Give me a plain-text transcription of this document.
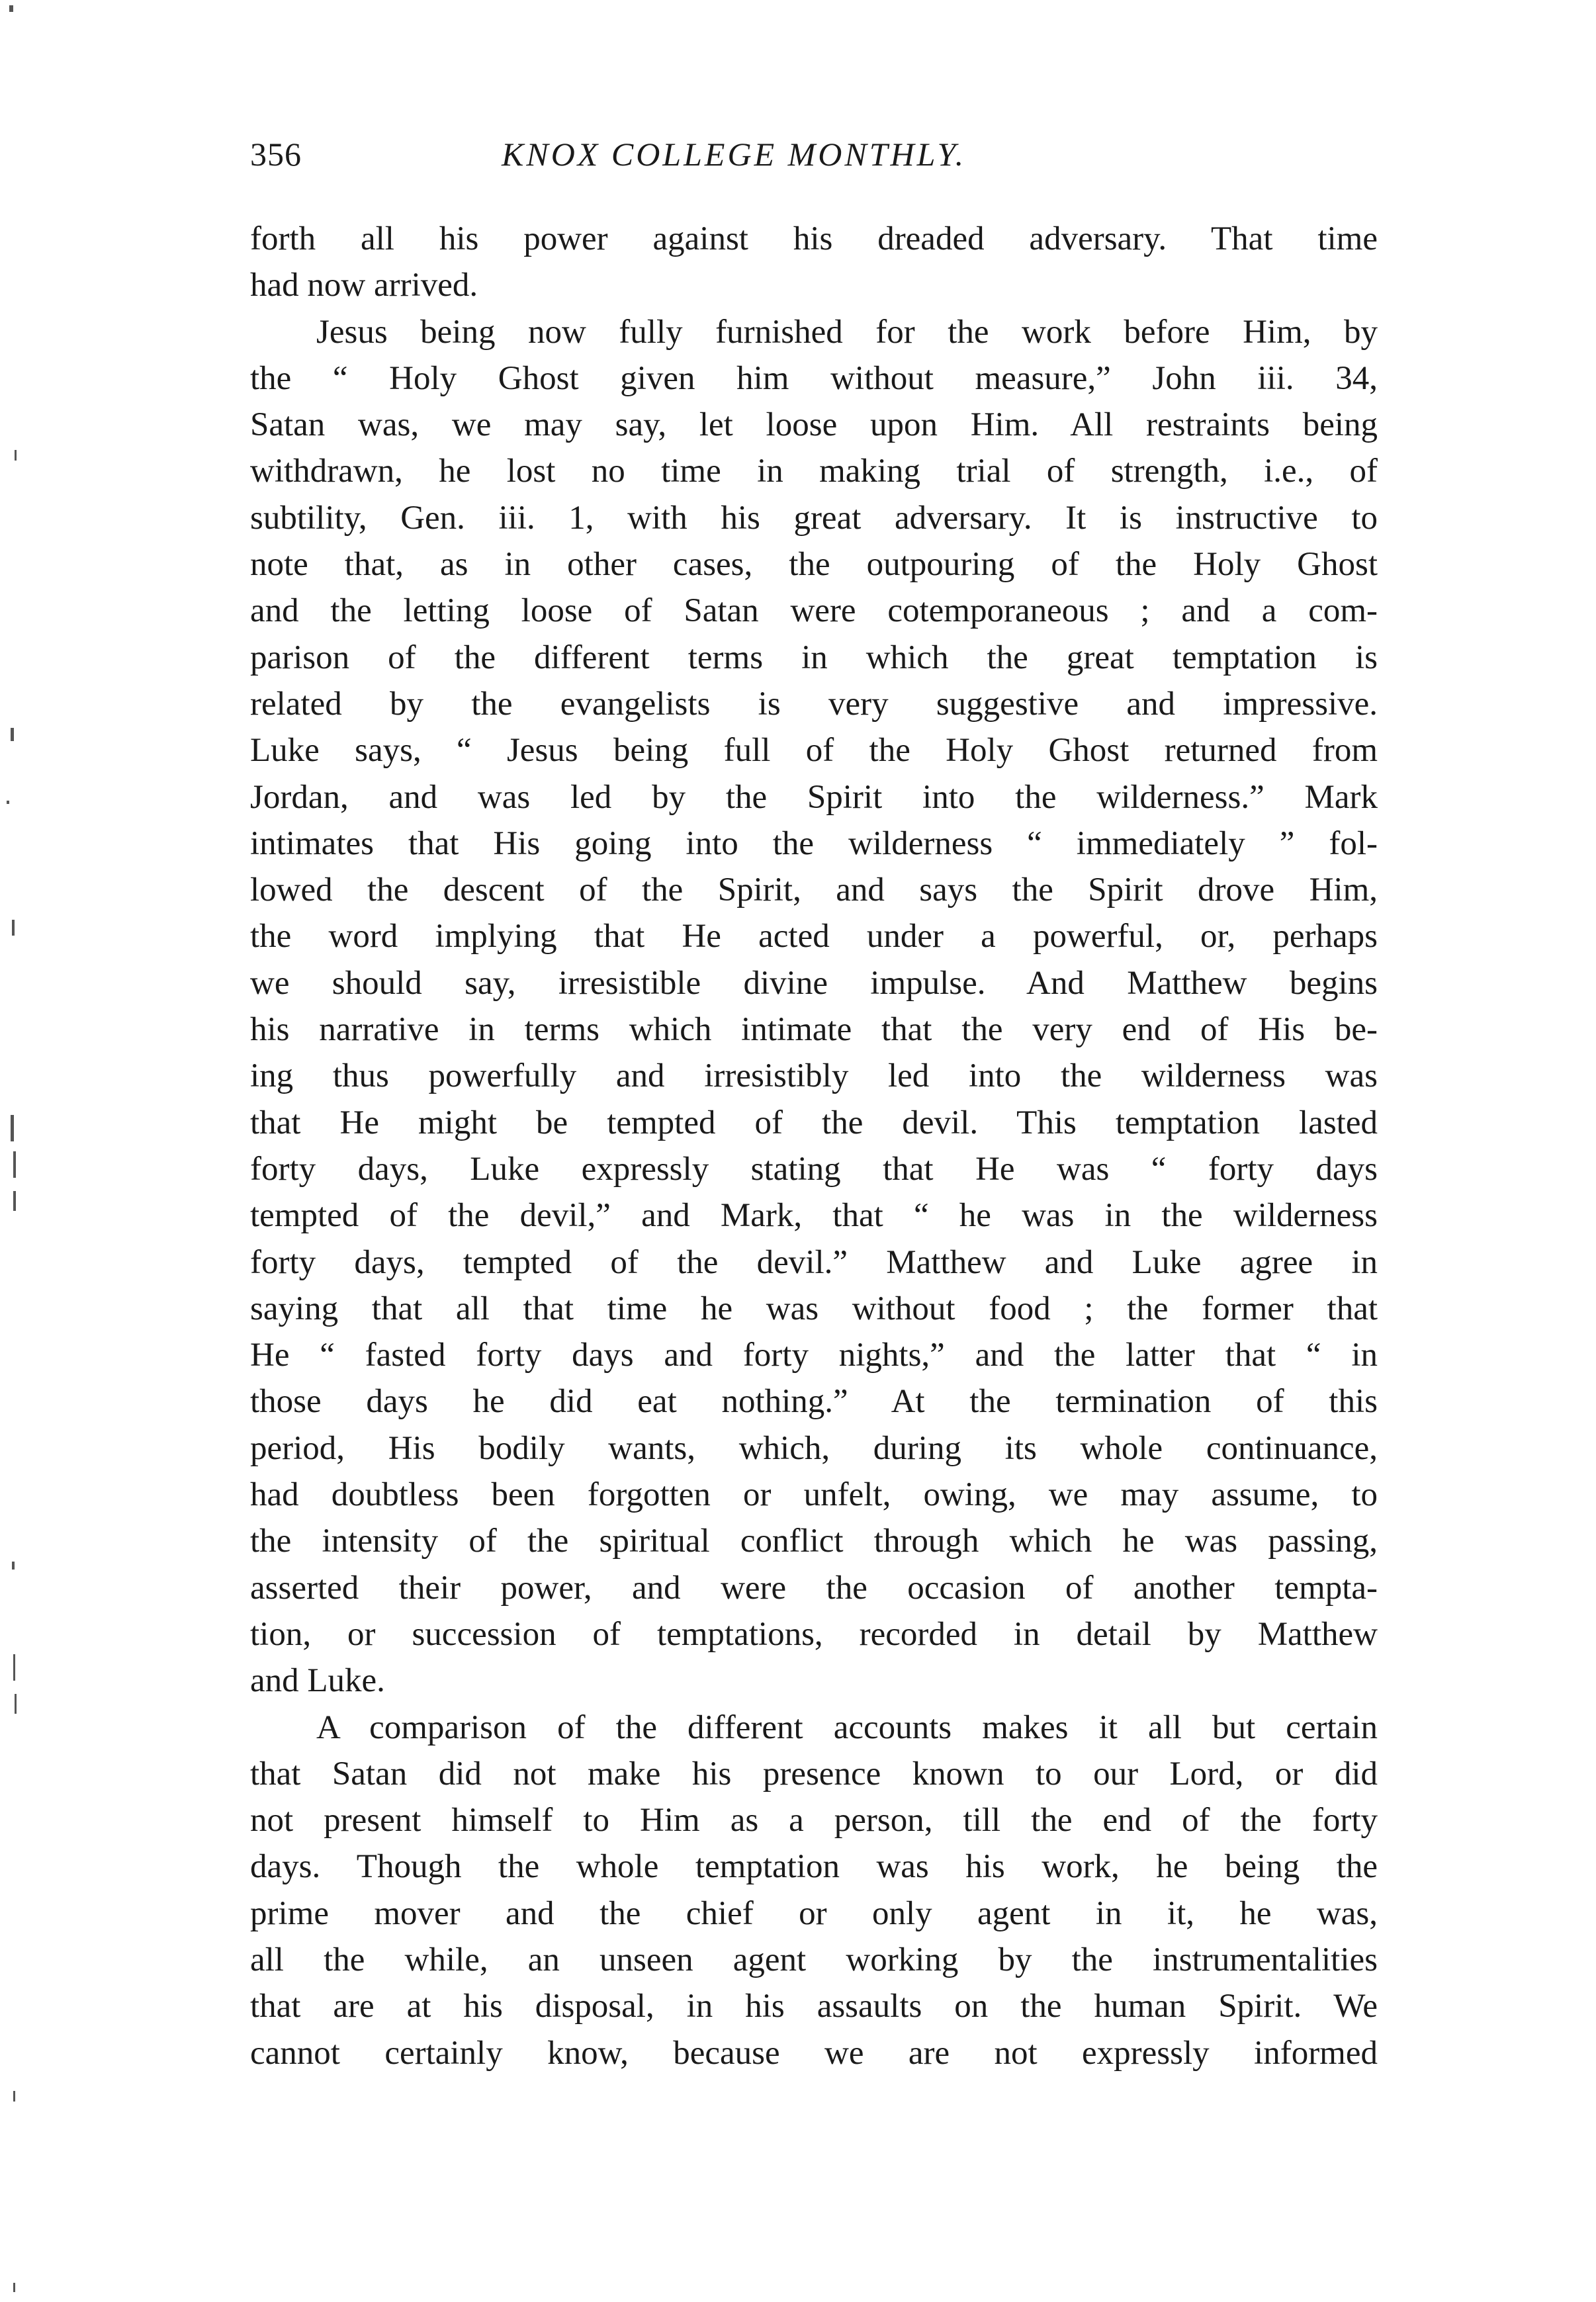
356	KNOX COLLEGE MONTHLY.
forth all his power against his dreaded adversary. That time
had now arrived.
Jesus being now fully furnished for the work before Him, by
the “ Holy Ghost given him without measure,” John iii. 34,
Satan was, we may say, let loose upon Him. All restraints being
withdrawn, he lost no time in making trial of strength, i.e., of
subtility, Gen. iii. 1, with his great adversary. It is instructive to
note that, as in other cases, the outpouring of the Holy Ghost
and the letting loose of Satan were cotemporaneous ; and a com-
parison of the different terms in which the great temptation is
related by the evangelists is very suggestive and impressive.
Luke says, “ Jesus being full of the Holy Ghost returned from
Jordan, and was led by the Spirit into the wilderness.” Mark
intimates that His going into the wilderness “ immediately ” fol-
lowed the descent of the Spirit, and says the Spirit drove Him,
the word implying that He acted under a powerful, or, perhaps
we should say, irresistible divine impulse. And Matthew begins
his narrative in terms which intimate that the very end of His be-
ing thus powerfully and irresistibly led into the wilderness was
that He might be tempted of the devil. This temptation lasted
forty days, Luke expressly stating that He was “ forty days
tempted of the devil,” and Mark, that “ he was in the wilderness
forty days, tempted of the devil.” Matthew and Luke agree in
saying that all that time he was without food ; the former that
He “ fasted forty days and forty nights,” and the latter that “ in
those days he did eat nothing.” At the termination of this
period, His bodily wants, which, during its whole continuance,
had doubtless been forgotten or unfelt, owing, we may assume, to
the intensity of the spiritual conflict through which he was passing,
asserted their power, and were the occasion of another tempta-
tion, or succession of temptations, recorded in detail by Matthew
and Luke.
A comparison of the different accounts makes it all but certain
that Satan did not make his presence known to our Lord, or did
not present himself to Him as a person, till the end of the forty
days. Though the whole temptation was his work, he being the
prime mover and the chief or only agent in it, he was,
all the while, an unseen agent working by the instrumentalities
that are at his disposal, in his assaults on the human Spirit. We
cannot certainly know, because we are not expressly informed
